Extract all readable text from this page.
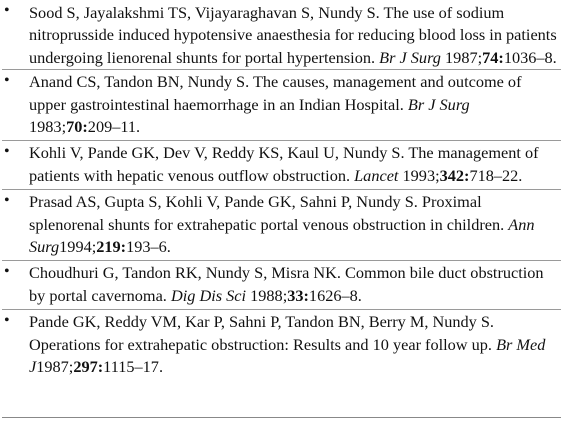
• Sood S, Jayalakshmi TS, Vijayaraghavan S, Nundy S. The use of sodium nitroprusside induced hypotensive anaesthesia for reducing blood loss in patients undergoing lienorenal shunts for portal hypertension. Br J Surg 1987;74:1036–8.
• Anand CS, Tandon BN, Nundy S. The causes, management and outcome of upper gastrointestinal haemorrhage in an Indian Hospital. Br J Surg 1983;70:209–11.
• Kohli V, Pande GK, Dev V, Reddy KS, Kaul U, Nundy S. The management of patients with hepatic venous outflow obstruction. Lancet 1993;342:718–22.
• Prasad AS, Gupta S, Kohli V, Pande GK, Sahni P, Nundy S. Proximal splenorenal shunts for extrahepatic portal venous obstruction in children. Ann Surg1994;219:193–6.
• Choudhuri G, Tandon RK, Nundy S, Misra NK. Common bile duct obstruction by portal cavernoma. Dig Dis Sci 1988;33:1626–8.
• Pande GK, Reddy VM, Kar P, Sahni P, Tandon BN, Berry M, Nundy S. Operations for extrahepatic obstruction: Results and 10 year follow up. Br Med J1987;297:1115–17.
